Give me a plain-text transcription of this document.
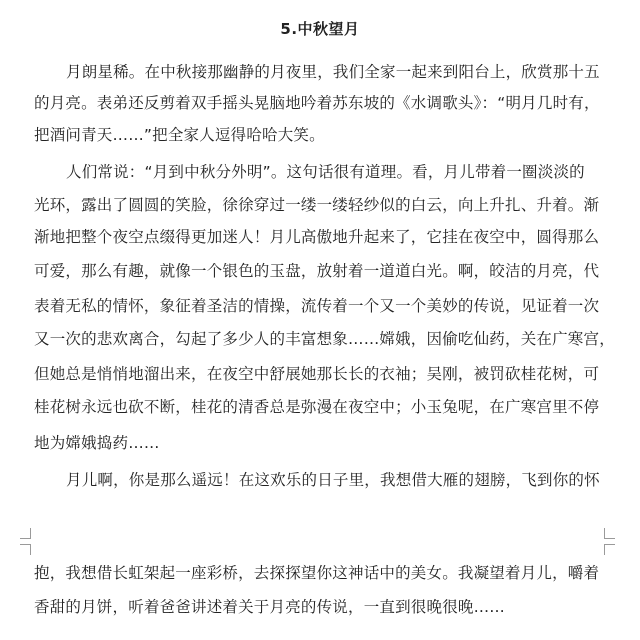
5.中秋望月
月朗星稀。在中秋接那幽静的月夜里，我们全家一起来到阳台上，欣赏那十五
的月亮。表弟还反剪着双手摇头晃脑地吟着苏东坡的《水调歌头》：“明月几时有，
把酒问青天……”把全家人逗得哈哈大笑。
人们常说：“月到中秋分外明”。这句话很有道理。看，月儿带着一圈淡淡的
光环，露出了圆圆的笑脸，徐徐穿过一缕一缕轻纱似的白云，向上升扎、升着。渐
渐地把整个夜空点缀得更加迷人！月儿高傲地升起来了，它挂在夜空中，圆得那么
可爱，那么有趣，就像一个银色的玉盘，放射着一道道白光。啊，皎洁的月亮，代
表着无私的情怀，象征着圣洁的情操，流传着一个又一个美妙的传说，见证着一次
又一次的悲欢离合，勾起了多少人的丰富想象……嫦娥，因偷吃仙药，关在广寒宫，
但她总是悄悄地溜出来，在夜空中舒展她那长长的衣袖；吴刚，被罚砍桂花树，可
桂花树永远也砍不断，桂花的清香总是弥漫在夜空中；小玉兔呢，在广寒宫里不停
地为嫦娥捣药……
月儿啊，你是那么遥远！在这欢乐的日子里，我想借大雁的翅膀，飞到你的怀
抱，我想借长虹架起一座彩桥，去探探望你这神话中的美女。我凝望着月儿，嚼着
香甜的月饼，听着爸爸讲述着关于月亮的传说，一直到很晚很晚……
